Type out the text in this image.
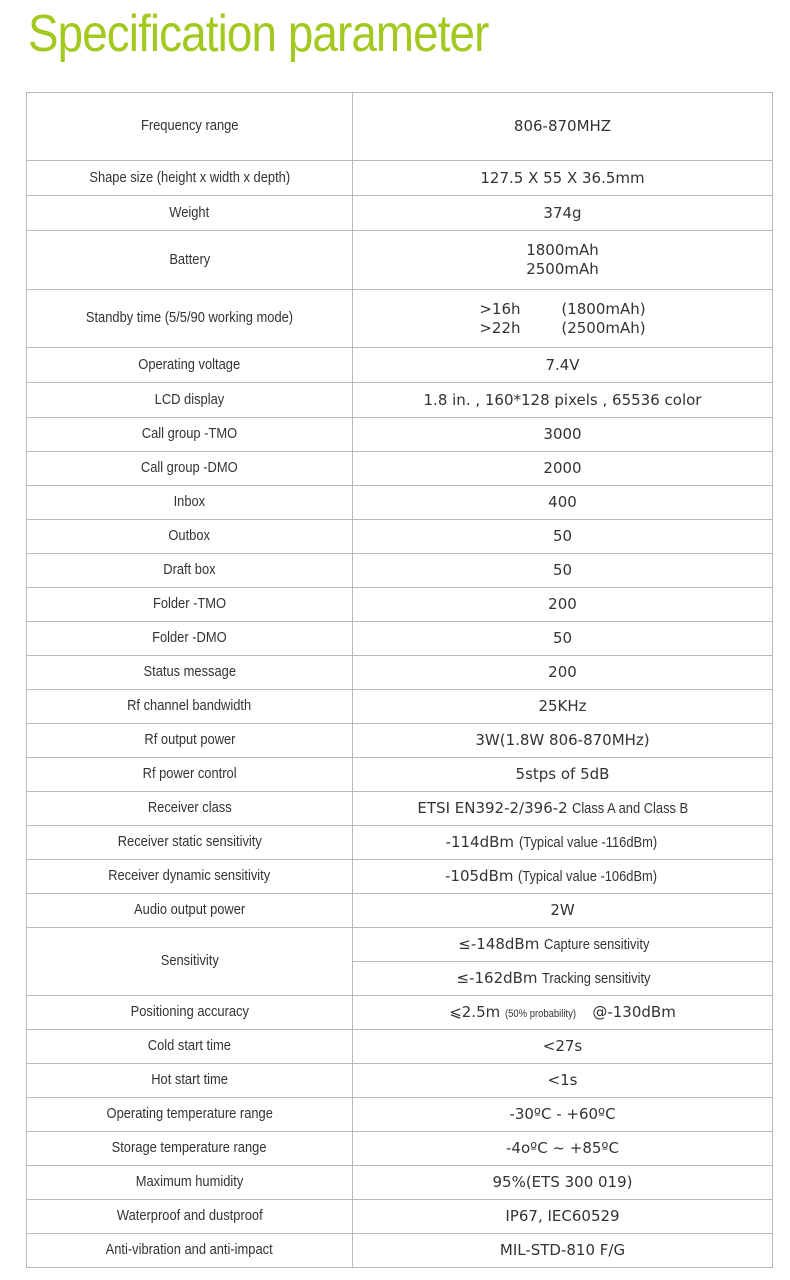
Specification parameter
Frequency range	806-870MHZ
Shape size (height x width x depth)	127.5 X 55 X 36.5mm
Weight	374g
Battery	1800mAh
2500mAh

Standby time (5/5/90 working mode)	>16h (1800mAh)
>22h (2500mAh)

Operating voltage	7.4V
LCD display	1.8 in. , 160*128 pixels , 65536 color
Call group -TMO	3000
Call group -DMO	2000
Inbox	400
Outbox	50
Draft box	50
Folder -TMO	200
Folder -DMO	50
Status message	200
Rf channel bandwidth	25KHz
Rf output power	3W(1.8W 806-870MHz)
Rf power control	5stps of 5dB
Receiver class	ETSI EN392-2/396-2 Class A and Class B
Receiver static sensitivity	-114dBm (Typical value -116dBm)
Receiver dynamic sensitivity	-105dBm (Typical value -106dBm)
Audio output power	2W
Sensitivity	≤-148dBm Capture sensitivity
	≤-162dBm Tracking sensitivity
Positioning accuracy	⩽2.5m (50% probability) @-130dBm
Cold start time	<27s
Hot start time	<1s
Operating temperature range	-30ºC - +60ºC
Storage temperature range	-4oºC ~ +85ºC
Maximum humidity	95%(ETS 300 019)
Waterproof and dustproof	IP67, IEC60529
Anti-vibration and anti-impact	MIL-STD-810 F/G
